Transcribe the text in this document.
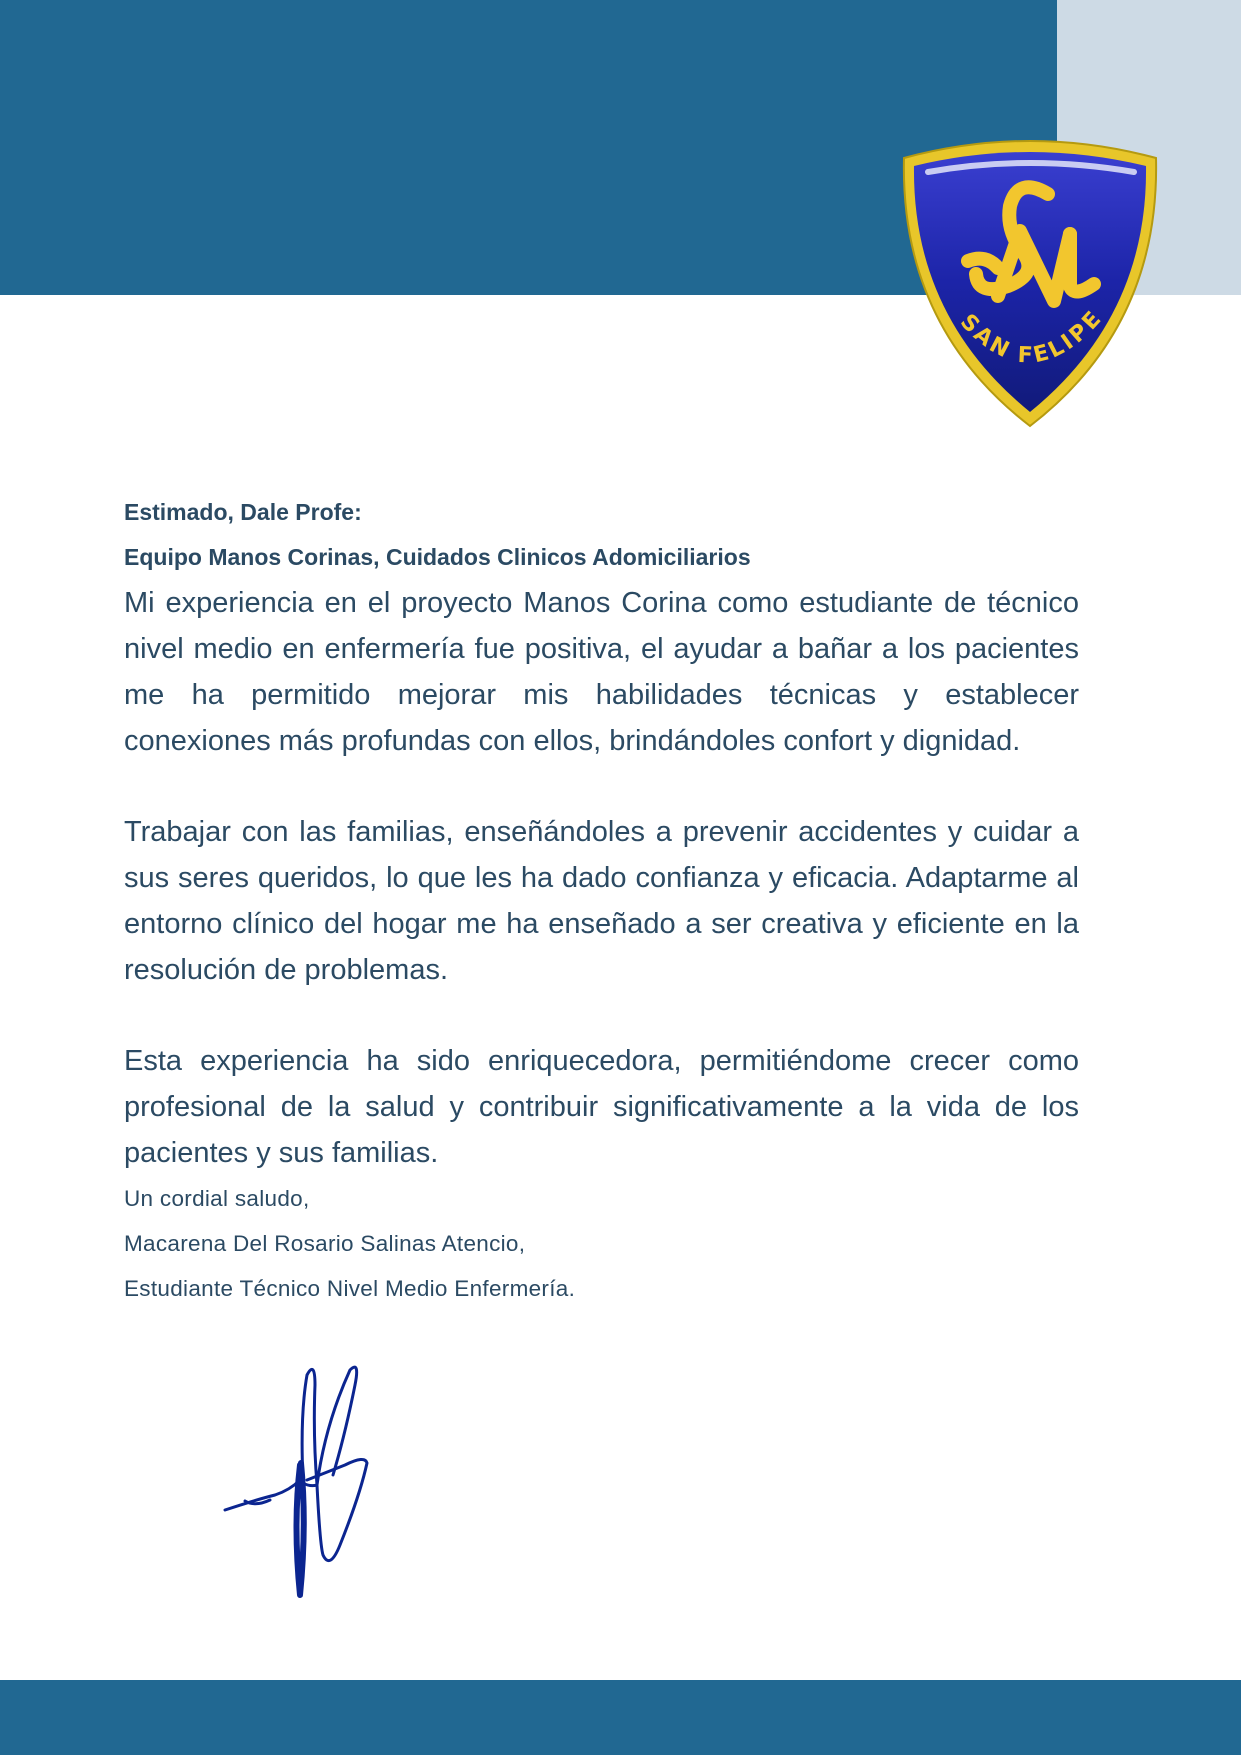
SAN FELIPE

Estimado, Dale Profe:

Equipo Manos Corinas, Cuidados Clinicos Adomiciliarios

Mi experiencia en el proyecto Manos Corina como estudiante de técnico nivel medio en enfermería fue positiva, el ayudar a bañar a los pacientes me ha permitido mejorar mis habilidades técnicas y establecer conexiones más profundas con ellos, brindándoles confort y dignidad.

Trabajar con las familias, enseñándoles a prevenir accidentes y cuidar a sus seres queridos, lo que les ha dado confianza y eficacia. Adaptarme al entorno clínico del hogar me ha enseñado a ser creativa y eficiente en la resolución de problemas.

Esta experiencia ha sido enriquecedora, permitiéndome crecer como profesional de la salud y contribuir significativamente a la vida de los pacientes y sus familias.

Un cordial saludo,

Macarena Del Rosario Salinas Atencio,

Estudiante Técnico Nivel Medio Enfermería.
